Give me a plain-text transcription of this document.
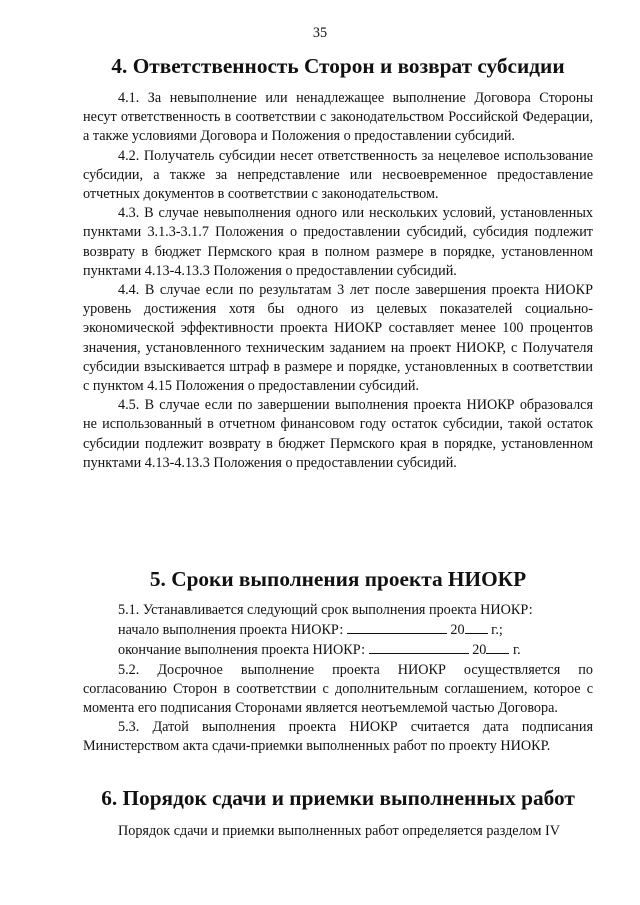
35
4. Ответственность Сторон и возврат субсидии

4.1. За невыполнение или ненадлежащее выполнение Договора Стороны несут ответственность в соответствии с законодательством Российской Федерации, а также условиями Договора и Положения о предоставлении субсидий.

4.2. Получатель субсидии несет ответственность за нецелевое использование субсидии, а также за непредставление или несвоевременное предоставление отчетных документов в соответствии с законодательством.

4.3. В случае невыполнения одного или нескольких условий, установленных пунктами 3.1.3-3.1.7 Положения о предоставлении субсидий, субсидия подлежит возврату в бюджет Пермского края в полном размере в порядке, установленном пунктами 4.13-4.13.3 Положения о предоставлении субсидий.

4.4. В случае если по результатам 3 лет после завершения проекта НИОКР уровень достижения хотя бы одного из целевых показателей социально-экономической эффективности проекта НИОКР составляет менее 100 процентов значения, установленного техническим заданием на проект НИОКР, с Получателя субсидии взыскивается штраф в размере и порядке, установленных в соответствии с пунктом 4.15 Положения о предоставлении субсидий.

4.5. В случае если по завершении выполнения проекта НИОКР образовался не использованный в отчетном финансовом году остаток субсидии, такой остаток субсидии подлежит возврату в бюджет Пермского края в порядке, установленном пунктами 4.13-4.13.3 Положения о предоставлении субсидий.

5. Сроки выполнения проекта НИОКР

5.1. Устанавливается следующий срок выполнения проекта НИОКР:

начало выполнения проекта НИОКР:	20 г.;

окончание выполнения проекта НИОКР:	20 г.

5.2. Досрочное выполнение проекта НИОКР осуществляется по согласованию Сторон в соответствии с дополнительным соглашением, которое с момента его подписания Сторонами является неотъемлемой частью Договора.

5.3. Датой выполнения проекта НИОКР считается дата подписания Министерством акта сдачи-приемки выполненных работ по проекту НИОКР.

6. Порядок сдачи и приемки выполненных работ

Порядок сдачи и приемки выполненных работ определяется разделом IV
